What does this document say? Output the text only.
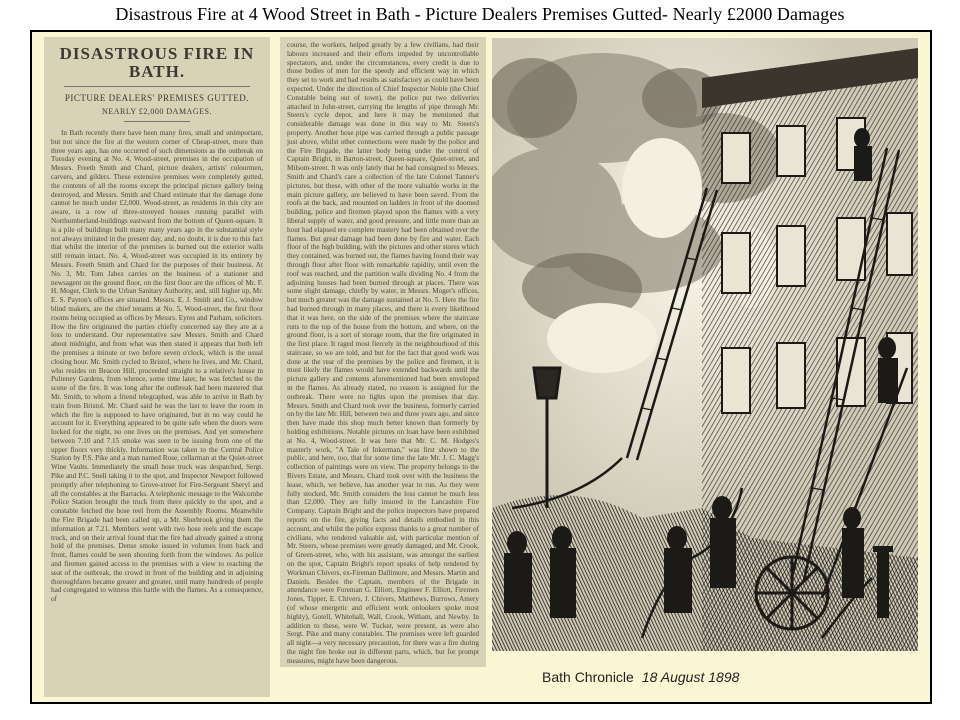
Disastrous Fire at 4 Wood Street in Bath - Picture Dealers Premises Gutted- Nearly £2000 Damages
DISASTROUS FIRE IN BATH.
PICTURE DEALERS' PREMISES GUTTED.
NEARLY £2,000 DAMAGES.
In Bath recently there have been many fires, small and unimportant, but not since the fire at the western corner of Cheap-street, more than three years ago, has one occurred of such dimensions as the outbreak on Tuesday evening at No. 4, Wood-street, premises in the occupation of Messrs. Freeth Smith and Chard, picture dealers, artists' colourmen, carvers, and gilders. These extensive premises were completely gutted, the contents of all the rooms except the principal picture gallery being destroyed, and Messrs. Smith and Chard estimate that the damage done cannot be much under £2,000. Wood-street, as residents in this city are aware, is a row of three-storeyed houses running parallel with Northumberland-buildings eastward from the bottom of Queen-square. It is a pile of buildings built many many years ago in the substantial style not always imitated in the present day, and, no doubt, it is due to this fact that whilst the interior of the premises is burned out the exterior walls still remain intact. No. 4, Wood-street was occupied in its entirety by Messrs. Freeth Smith and Chard for the purposes of their business. At No. 3, Mr. Tom Jabez carries on the business of a stationer and newsagent on the ground floor, on the first floor are the offices of Mr. F. H. Moger, Clerk to the Urban Sanitary Authority, and, still higher up, Mr. E. S. Payton's offices are situated. Messrs. E. J. Smith and Co., window blind makers, are the chief tenants at No. 5, Wood-street, the first floor rooms being occupied as offices by Messrs. Eyres and Parham, solicitors. How the fire originated the parties chiefly concerned say they are at a loss to understand. Our representative saw Messrs. Smith and Chard about midnight, and from what was then stated it appears that both left the premises a minute or two before seven o'clock, which is the usual closing hour. Mr. Smith cycled to Bristol, where he lives, and Mr. Chard, who resides on Beacon Hill, proceeded straight to a relative's house in Pulteney Gardens, from whence, some time later, he was fetched to the scene of the fire. It was long after the outbreak had been mastered that Mr. Smith, to whom a friend telegraphed, was able to arrive in Bath by train from Bristol. Mr. Chard said he was the last to leave the room in which the fire is supposed to have originated, but in no way could he account for it. Everything appeared to be quite safe when the doors were locked for the night, no one lives on the premises. And yet somewhere between 7.10 and 7.15 smoke was seen to be issuing from one of the upper floors very thickly. Information was taken to the Central Police Station by P.S. Pike and a man named Rose, cellarman at the Quiet-street Wine Vaults. Immediately the small hose truck was despatched, Sergt. Pike and P.C. Snell taking it to the spot, and Inspector Newport followed promptly after telephoning to Grove-street for Fire-Sergeant Sheryl and all the constables at the Barracks. A telephonic message to the Walcombe Police Station brought the truck from there quickly to the spot, and a constable fetched the hose reel from the Assembly Rooms. Meanwhile the Fire Brigade had been called up, a Mr. Sherbrook giving them the information at 7.21. Members went with two hose reels and the escape truck, and on their arrival found that the fire had already gained a strong hold of the premises. Dense smoke issued in volumes from back and front, flames could be seen shooting forth from the windows. As police and firemen gained access to the premises with a view to reaching the seat of the outbreak, the crowd in front of the building and in adjoining thoroughfares became greater and greater, until many hundreds of people had congregated to witness this battle with the flames. As a consequence, of
course, the workers, helped greatly by a few civilians, had their labours increased and their efforts impeded by uncontrollable spectators, and, under the circumstances, every credit is due to those bodies of men for the speedy and efficient way in which they set to work and had results as satisfactory as could have been expected. Under the direction of Chief Inspector Noble (the Chief Constable being out of town), the police put two deliveries attached in John-street, carrying the lengths of pipe through Mr. Steers's cycle depot, and here it may be mentioned that considerable damage was done in this way to Mr. Steers's property. Another hose pipe was carried through a public passage just above, whilst other connections were made by the police and the Fire Brigade, the latter body being under the control of Captain Bright, in Barton-street, Queen-square, Quiet-street, and Milsom-street. It was only lately that he had consigned to Messrs. Smith and Chard's care a collection of the late Colonel Tanner's pictures, but these, with other of the more valuable works in the main picture gallery, are believed to have been saved. From the roofs at the back, and mounted on ladders in front of the doomed building, police and firemen played upon the flames with a very liberal supply of water, and good pressure, and little more than an hour had elapsed ere complete mastery had been obtained over the flames. But great damage had been done by fire and water. Each floor of the high building, with the pictures and other stores which they contained, was burned out, the flames having found their way through floor after floor with remarkable rapidity, until even the roof was reached, and the partition walls dividing No. 4 from the adjoining houses had been burned through at places. There was some slight damage, chiefly by water, in Messrs. Moger's offices, but much greater was the damage sustained at No. 5. Here the fire had burned through in many places, and there is every likelihood that it was here, on the side of the premises where the staircase runs to the top of the house from the bottom, and where, on the ground floor, is a sort of storage room, that the fire originated in the first place. It raged most fiercely in the neighbourhood of this staircase, so we are told, and but for the fact that good work was done at the rear of the premises by the police and firemen, it is most likely the flames would have extended backwards until the picture gallery and contents aforementioned had been enveloped in the flames. As already stated, no reason is assigned for the outbreak. There were no lights upon the premises that day. Messrs. Smith and Chard took over the business, formerly carried on by the late Mr. Hill, between two and three years ago, and since then have made this shop much better known than formerly by holding exhibitions. Notable pictures on loan have been exhibited at No. 4, Wood-street. It was here that Mr. C. M. Hodges's masterly work, "A Tale of Inkerman," was first shown to the public, and here, too, that for some time the late Mr. J. C. Magg's collection of paintings were on view. The property belongs to the Rivers Estate, and Messrs. Chard took over with the business the lease, which, we believe, has another year to run. As they were fully stocked, Mr. Smith considers the loss cannot be much less than £2,000. They are fully insured in the Lancashire Fire Company. Captain Bright and the police inspectors have prepared reports on the fire, giving facts and details embodied in this account, and whilst the police express thanks to a great number of civilians, who rendered valuable aid, with particular mention of Mr. Steers, whose premises were greatly damaged, and Mr. Crook, of Green-street, who, with his assistant, was amongst the earliest on the spot, Captain Bright's report speaks of help rendered by Workman Chivers, ex-Fireman Dallimore, and Messrs. Martin and Daniels. Besides the Captain, members of the Brigade in attendance were Foreman G. Elliott, Engineer F. Elliott, Firemen Jones, Tipper, E. Chivers, J. Chivers, Matthews, Burrows, Amery (of whose energetic and efficient work onlookers spoke most highly), Gotell, Whitehall, Wall, Crook, Witham, and Newby. In addition to these, were W. Tucker, were present, as were also Sergt. Pike and many constables. The premises were left guarded all night—a very necessary precaution, for there was a fire during the night fire broke out in different parts, which, but for prompt measures, might have been dangerous.
Bath Chronicle 18 August 1898
